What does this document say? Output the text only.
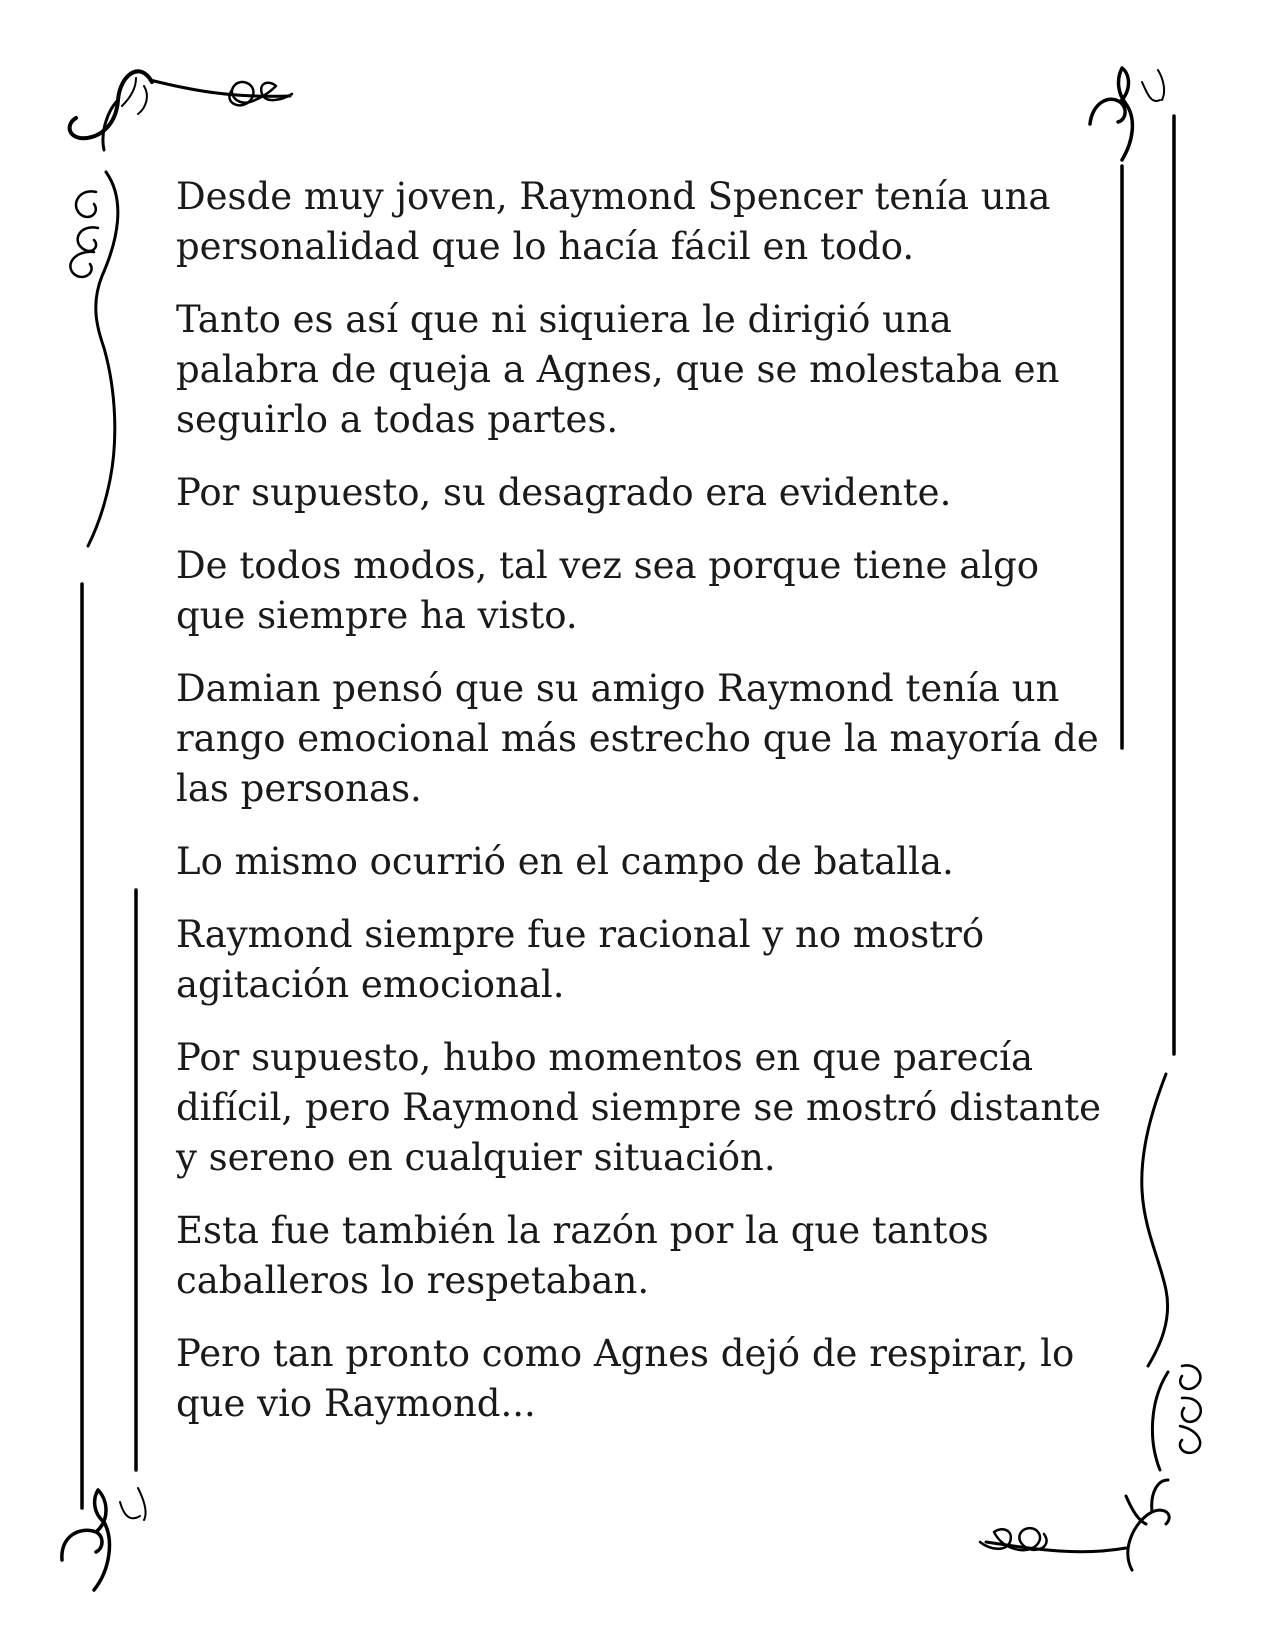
Desde muy joven, Raymond Spencer tenía una personalidad que lo hacía fácil en todo.

Tanto es así que ni siquiera le dirigió una palabra de queja a Agnes, que se molestaba en seguirlo a todas partes.

Por supuesto, su desagrado era evidente.

De todos modos, tal vez sea porque tiene algo que siempre ha visto.

Damian pensó que su amigo Raymond tenía un rango emocional más estrecho que la mayoría de las personas.

Lo mismo ocurrió en el campo de batalla.

Raymond siempre fue racional y no mostró agitación emocional.

Por supuesto, hubo momentos en que parecía difícil, pero Raymond siempre se mostró distante y sereno en cualquier situación.

Esta fue también la razón por la que tantos caballeros lo respetaban.

Pero tan pronto como Agnes dejó de respirar, lo que vio Raymond...
